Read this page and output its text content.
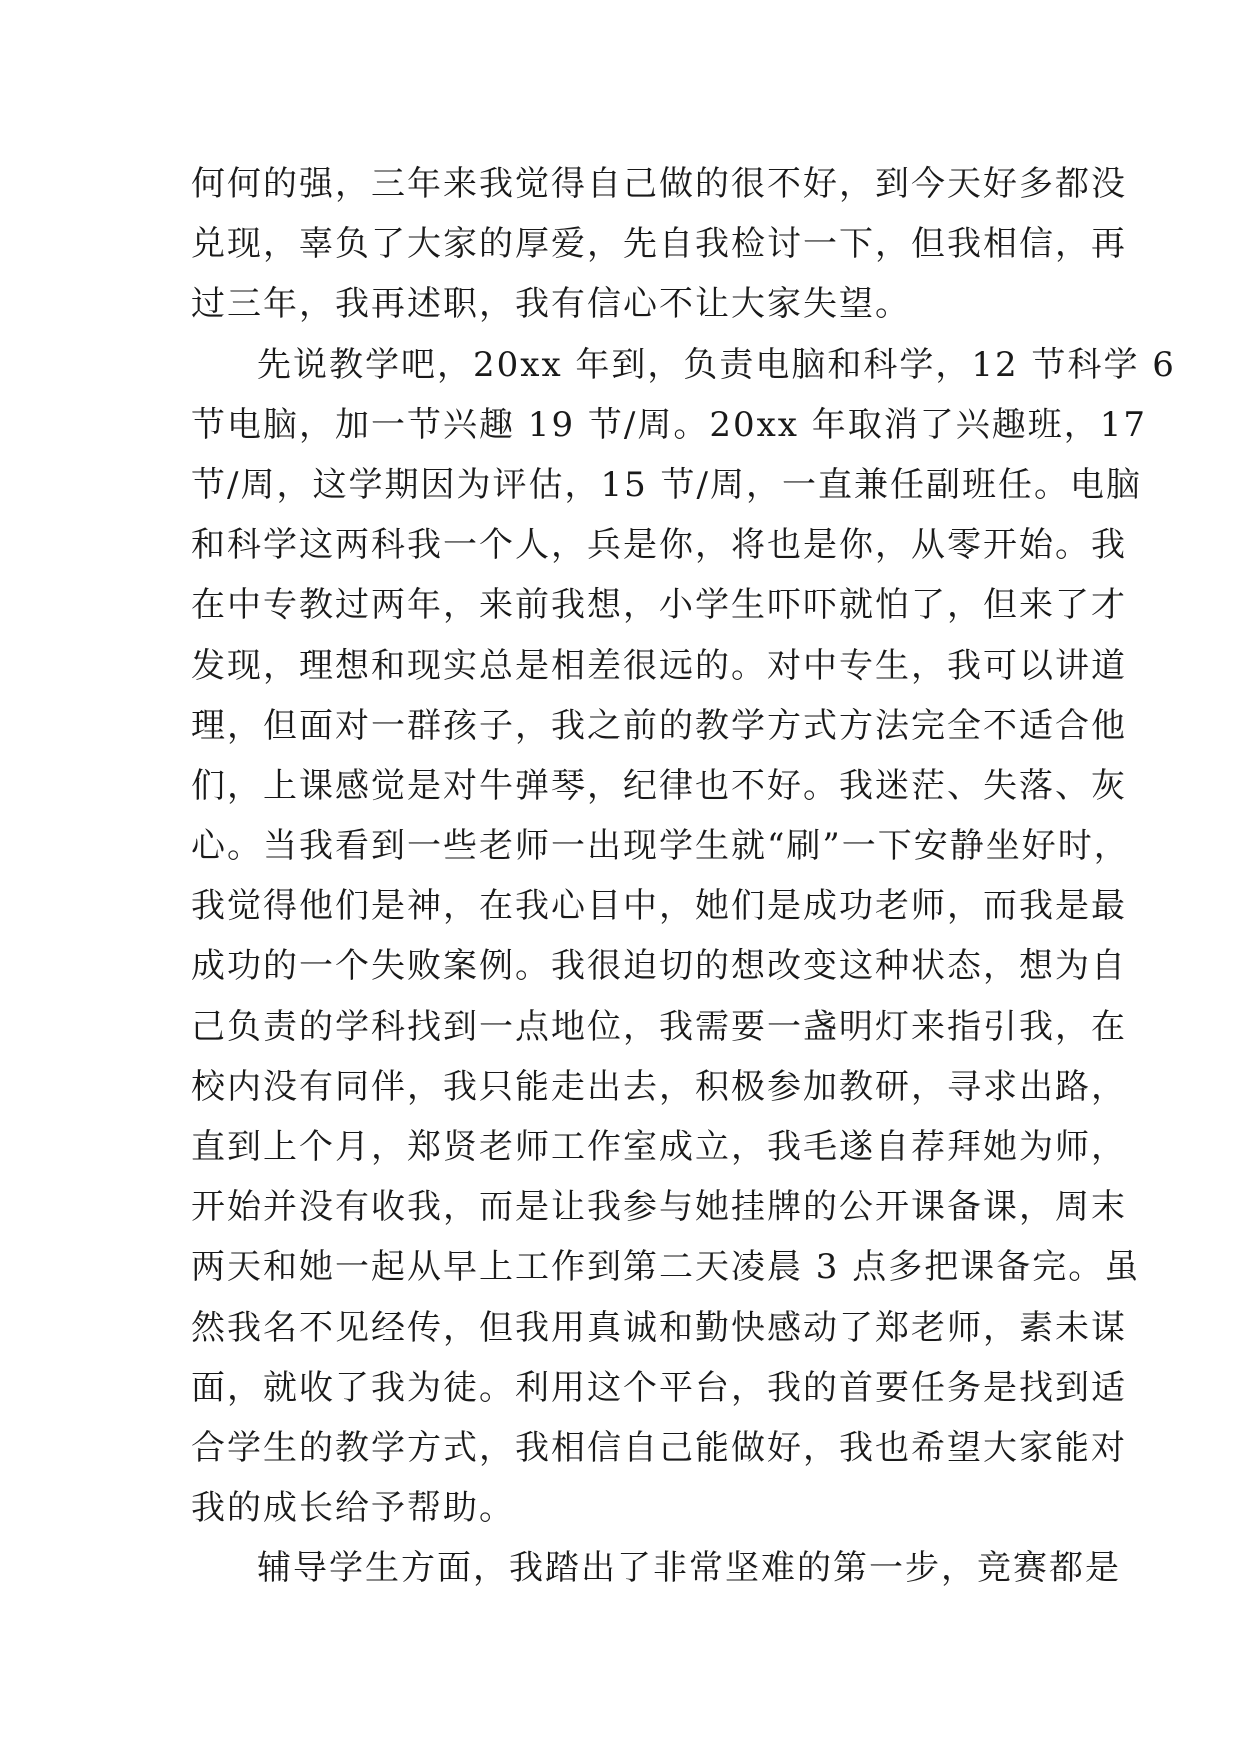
何何的强，三年来我觉得自己做的很不好，到今天好多都没
兑现，辜负了大家的厚爱，先自我检讨一下，但我相信，再
过三年，我再述职，我有信心不让大家失望。
先说教学吧，20xx 年到，负责电脑和科学，12 节科学 6
节电脑，加一节兴趣 19 节/周。20xx 年取消了兴趣班，17
节/周，这学期因为评估，15 节/周，一直兼任副班任。电脑
和科学这两科我一个人，兵是你，将也是你，从零开始。我
在中专教过两年，来前我想，小学生吓吓就怕了，但来了才
发现，理想和现实总是相差很远的。对中专生，我可以讲道
理，但面对一群孩子，我之前的教学方式方法完全不适合他
们，上课感觉是对牛弹琴，纪律也不好。我迷茫、失落、灰
心。当我看到一些老师一出现学生就“刷”一下安静坐好时，
我觉得他们是神，在我心目中，她们是成功老师，而我是最
成功的一个失败案例。我很迫切的想改变这种状态，想为自
己负责的学科找到一点地位，我需要一盏明灯来指引我，在
校内没有同伴，我只能走出去，积极参加教研，寻求出路，
直到上个月，郑贤老师工作室成立，我毛遂自荐拜她为师，
开始并没有收我，而是让我参与她挂牌的公开课备课，周末
两天和她一起从早上工作到第二天凌晨 3 点多把课备完。虽
然我名不见经传，但我用真诚和勤快感动了郑老师，素未谋
面，就收了我为徒。利用这个平台，我的首要任务是找到适
合学生的教学方式，我相信自己能做好，我也希望大家能对
我的成长给予帮助。
辅导学生方面，我踏出了非常坚难的第一步，竞赛都是
